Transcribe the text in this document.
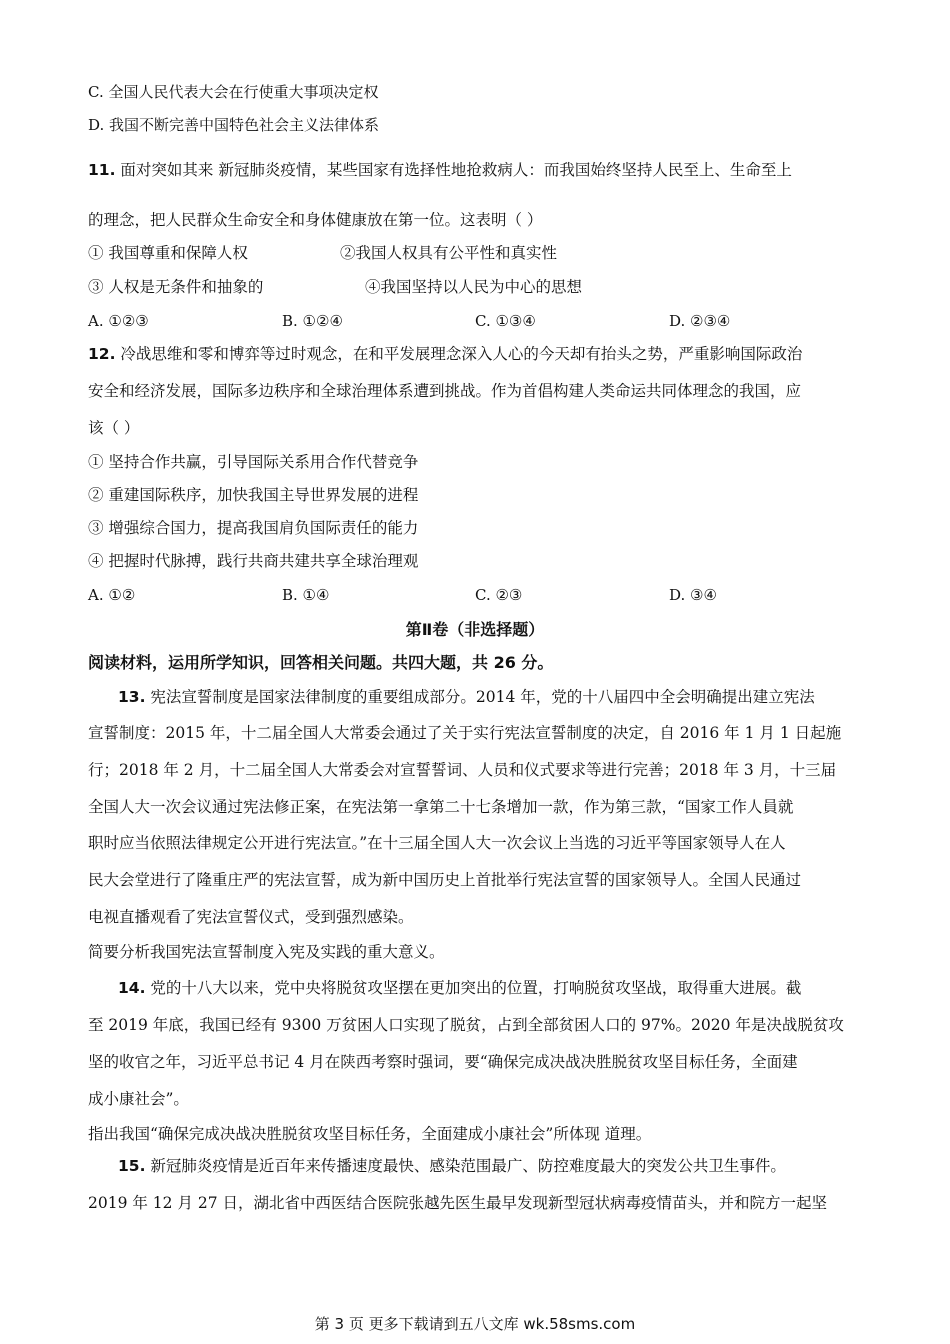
C. 全国人民代表大会在行使重大事项决定权
D. 我国不断完善中国特色社会主义法律体系
11. 面对突如其来 新冠肺炎疫情，某些国家有选择性地抢救病人：而我国始终坚持人民至上、生命至上
的理念，把人民群众生命安全和身体健康放在第一位。这表明（ ）
① 我国尊重和保障人权	②我国人权具有公平性和真实性
③ 人权是无条件和抽象的	④我国坚持以人民为中心的思想
A. ①②③	B. ①②④	C. ①③④	D. ②③④
12. 冷战思维和零和博弈等过时观念，在和平发展理念深入人心的今天却有抬头之势，严重影响国际政治
安全和经济发展，国际多边秩序和全球治理体系遭到挑战。作为首倡构建人类命运共同体理念的我国，应
该（ ）
① 坚持合作共赢，引导国际关系用合作代替竞争
② 重建国际秩序，加快我国主导世界发展的进程
③ 增强综合国力，提高我国肩负国际责任的能力
④ 把握时代脉搏，践行共商共建共享全球治理观
A. ①②	B. ①④	C. ②③	D. ③④
第Ⅱ卷（非选择题）
阅读材料，运用所学知识，回答相关问题。共四大题，共 26 分。
13. 宪法宣誓制度是国家法律制度的重要组成部分。2014 年，党的十八届四中全会明确提出建立宪法
宣誓制度：2015 年，十二届全国人大常委会通过了关于实行宪法宣誓制度的决定，自 2016 年 1 月 1 日起施
行；2018 年 2 月，十二届全国人大常委会对宣誓誓词、人员和仪式要求等进行完善；2018 年 3 月，十三届
全国人大一次会议通过宪法修正案，在宪法第一拿第二十七条增加一款，作为第三款，“国家工作人員就
职时应当依照法律规定公开进行宪法宣。”在十三届全国人大一次会议上当选的习近平等国家领导人在人
民大会堂进行了隆重庄严的宪法宣誓，成为新中国历史上首批举行宪法宣誓的国家领导人。全国人民通过
电视直播观看了宪法宣誓仪式，受到强烈感染。
简要分析我国宪法宣誓制度入宪及实践的重大意义。
14. 党的十八大以来，党中央将脱贫攻坚摆在更加突出的位置，打响脱贫攻坚战，取得重大进展。截
至 2019 年底，我国已经有 9300 万贫困人口实现了脱贫，占到全部贫困人口的 97%。2020 年是决战脱贫攻
坚的收官之年，习近平总书记 4 月在陕西考察时强词，要“确保完成决战决胜脱贫攻坚目标任务，全面建
成小康社会”。
指出我国“确保完成决战决胜脱贫攻坚目标任务，全面建成小康社会”所体现 道理。
15. 新冠肺炎疫情是近百年来传播速度最快、感染范围最广、防控难度最大的突发公共卫生事件。
2019 年 12 月 27 日，湖北省中西医结合医院张越先医生最早发现新型冠状病毒疫情苗头，并和院方一起坚
第 3 页 更多下载请到五八文库 wk.58sms.com
